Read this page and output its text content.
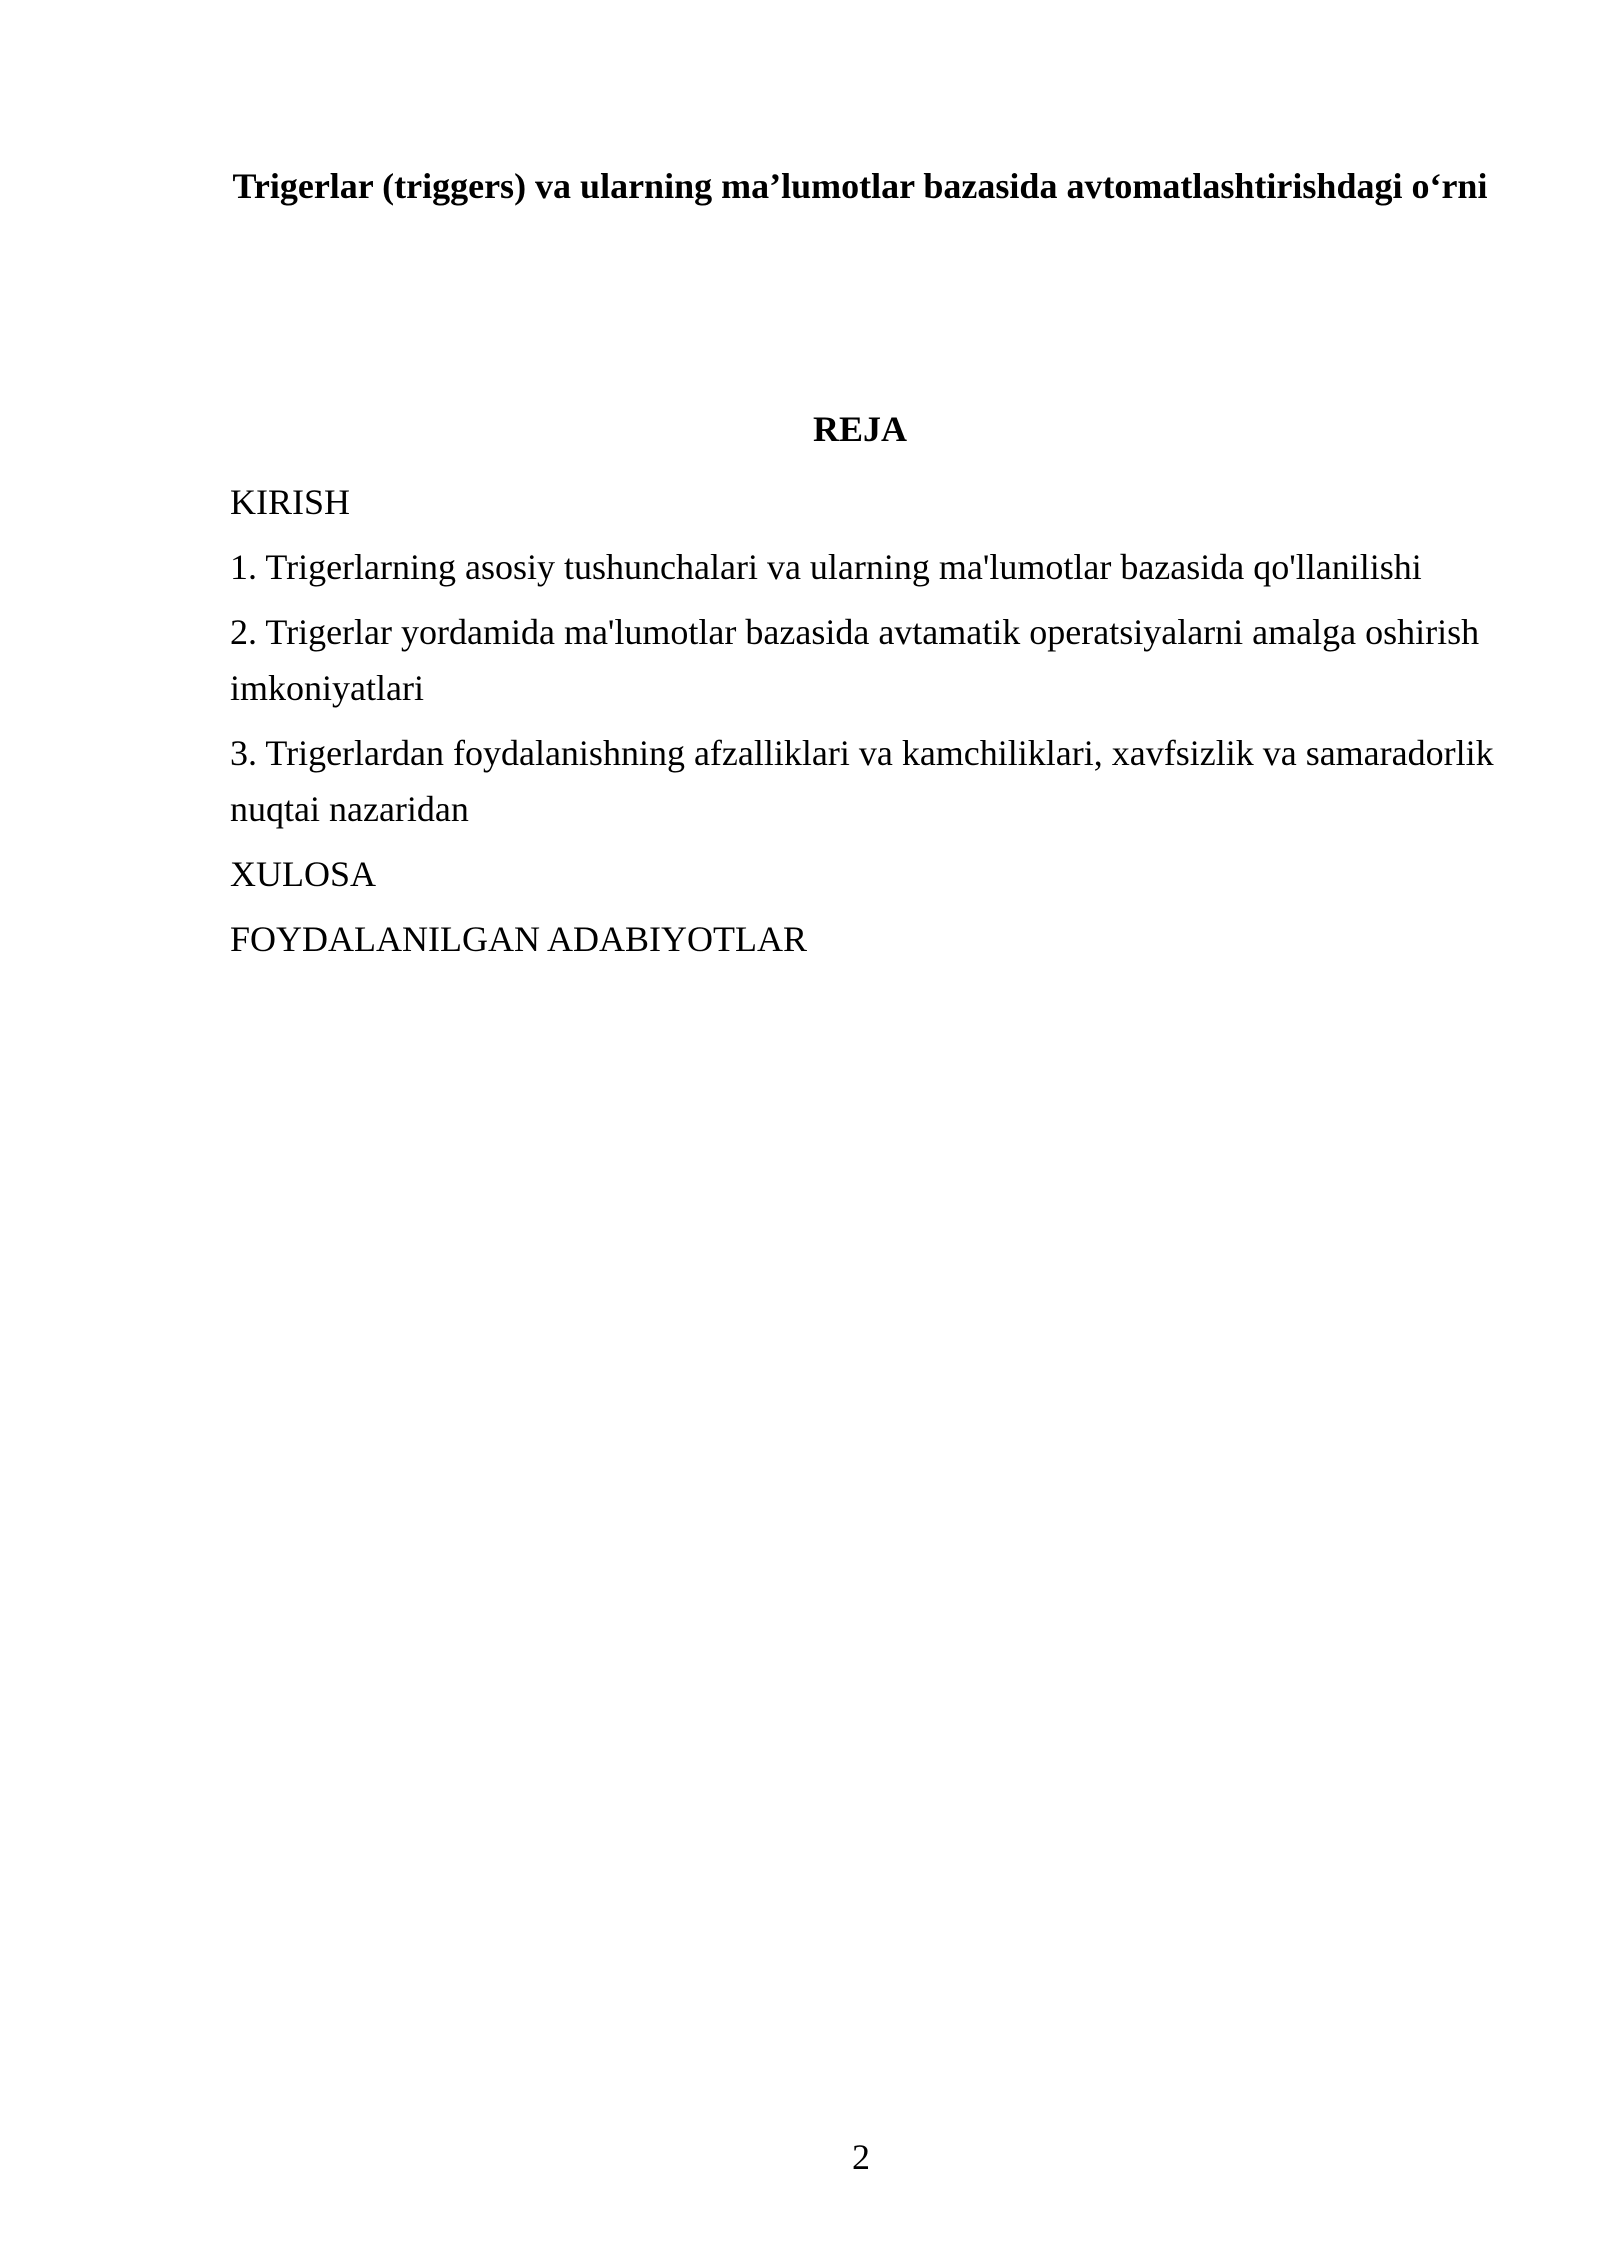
Trigerlar (triggers) va ularning ma’lumotlar bazasida avtomatlashtirishdagi o‘rni
REJA
KIRISH
1. Trigerlarning asosiy tushunchalari va ularning ma'lumotlar bazasida qo'llanilishi
2. Trigerlar yordamida ma'lumotlar bazasida avtamatik operatsiyalarni amalga oshirish imkoniyatlari
3. Trigerlardan foydalanishning afzalliklari va kamchiliklari, xavfsizlik va samaradorlik nuqtai nazaridan
XULOSA
FOYDALANILGAN ADABIYOTLAR
2
